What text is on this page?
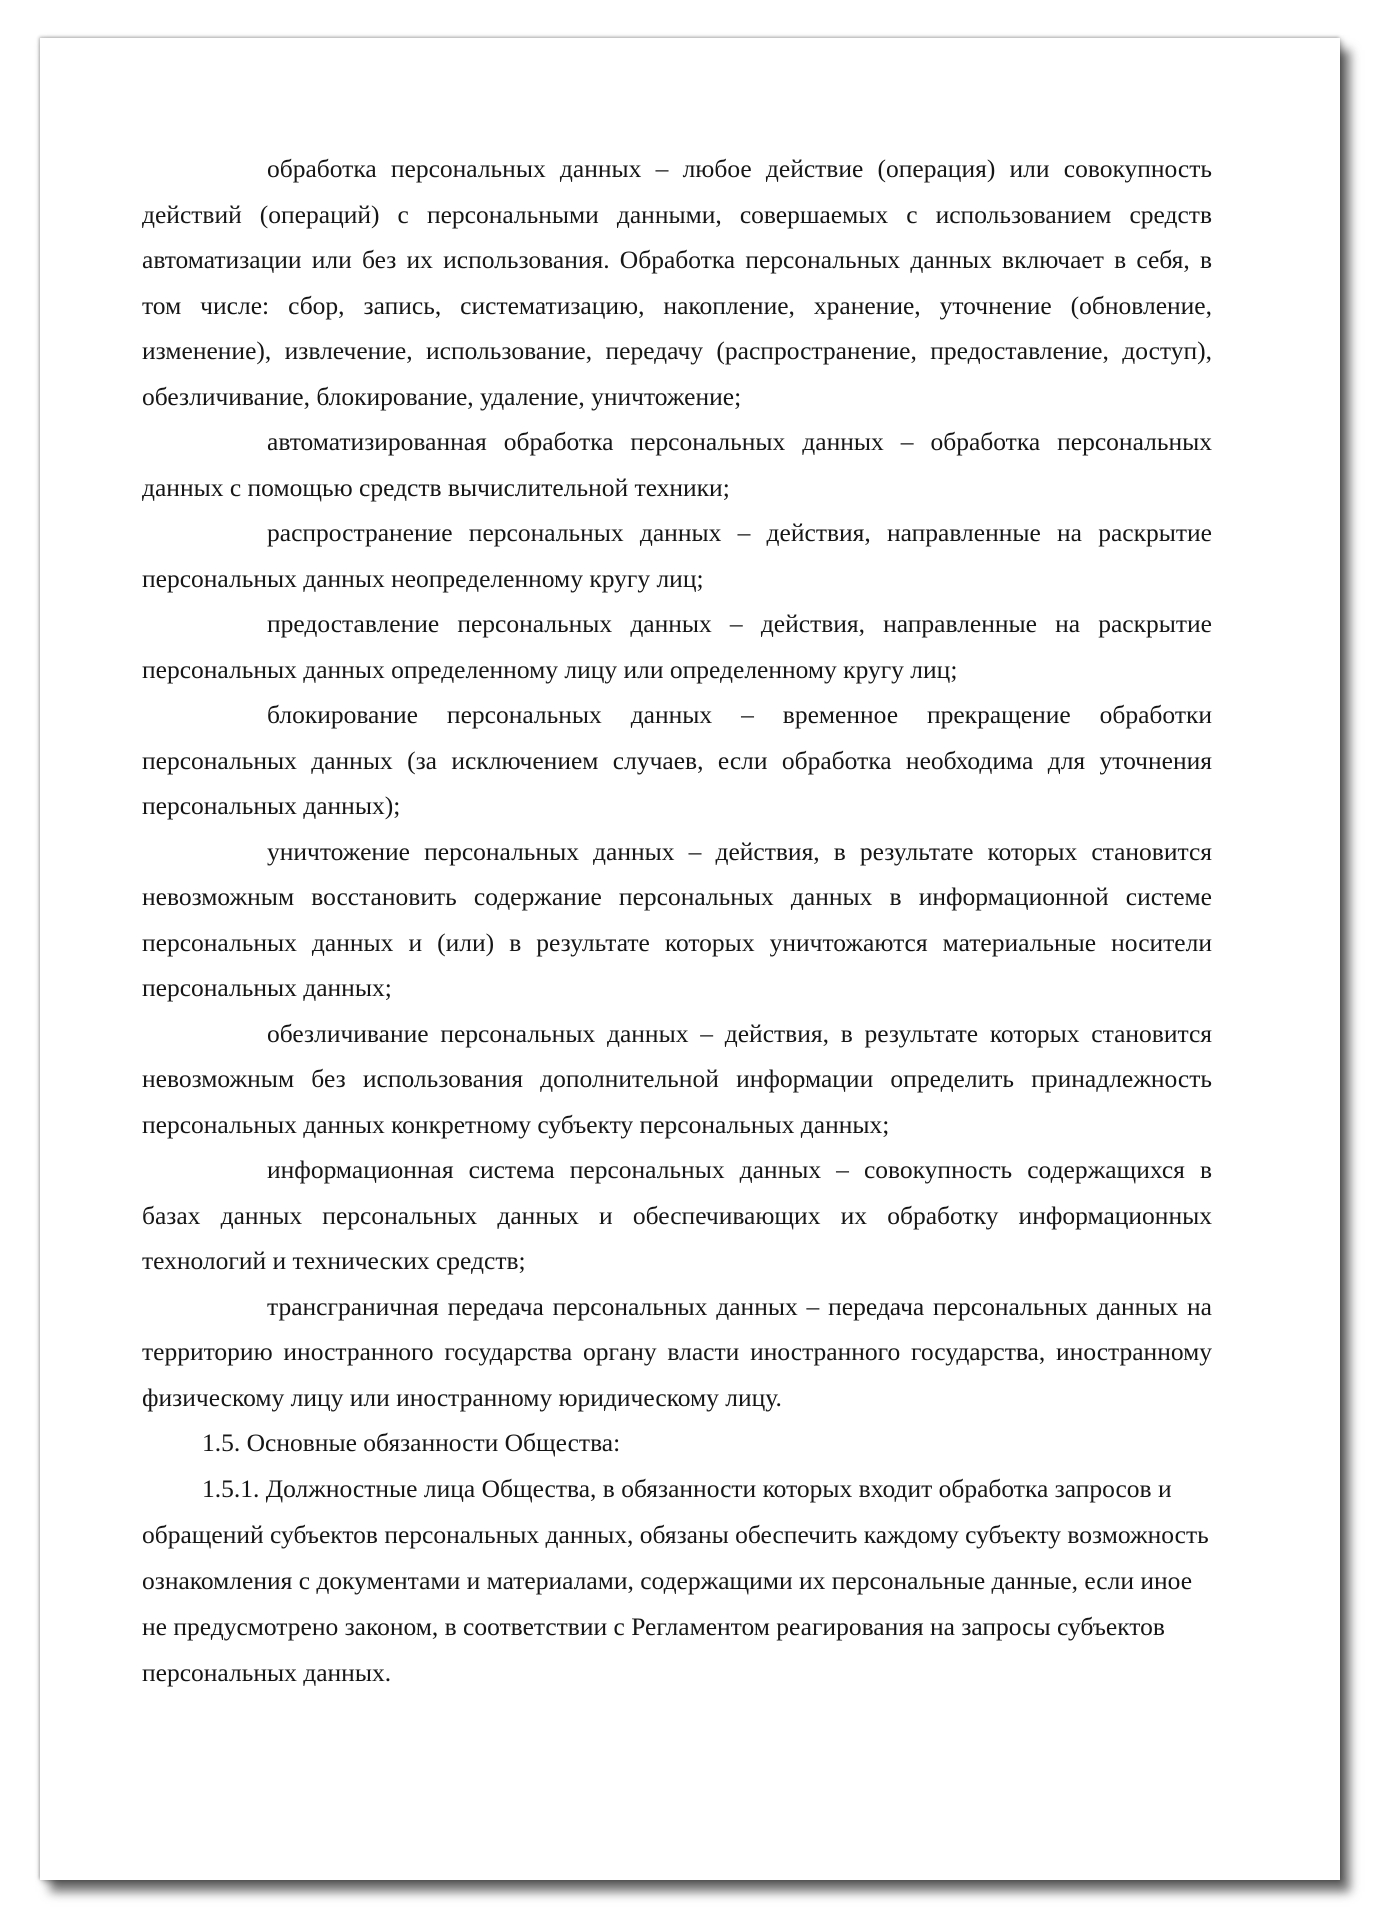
обработка персональных данных – любое действие (операция) или совокупность действий (операций) с персональными данными, совершаемых с использованием средств автоматизации или без их использования. Обработка персональных данных включает в себя, в том числе: сбор, запись, систематизацию, накопление, хранение, уточнение (обновление, изменение), извлечение, использование, передачу (распространение, предоставление, доступ), обезличивание, блокирование, удаление, уничтожение;

автоматизированная обработка персональных данных – обработка персональных данных с помощью средств вычислительной техники;

распространение персональных данных – действия, направленные на раскрытие персональных данных неопределенному кругу лиц;

предоставление персональных данных – действия, направленные на раскрытие персональных данных определенному лицу или определенному кругу лиц;

блокирование персональных данных – временное прекращение обработки персональных данных (за исключением случаев, если обработка необходима для уточнения персональных данных);

уничтожение персональных данных – действия, в результате которых становится невозможным восстановить содержание персональных данных в информационной системе персональных данных и (или) в результате которых уничтожаются материальные носители персональных данных;

обезличивание персональных данных – действия, в результате которых становится невозможным без использования дополнительной информации определить принадлежность персональных данных конкретному субъекту персональных данных;

информационная система персональных данных – совокупность содержащихся в базах данных персональных данных и обеспечивающих их обработку информационных технологий и технических средств;

трансграничная передача персональных данных – передача персональных данных на территорию иностранного государства органу власти иностранного государства, иностранному физическому лицу или иностранному юридическому лицу.

1.5. Основные обязанности Общества:

1.5.1. Должностные лица Общества, в обязанности которых входит обработка запросов и обращений субъектов персональных данных, обязаны обеспечить каждому субъекту возможность ознакомления с документами и материалами, содержащими их персональные данные, если иное не предусмотрено законом, в соответствии с Регламентом реагирования на запросы субъектов персональных данных.
